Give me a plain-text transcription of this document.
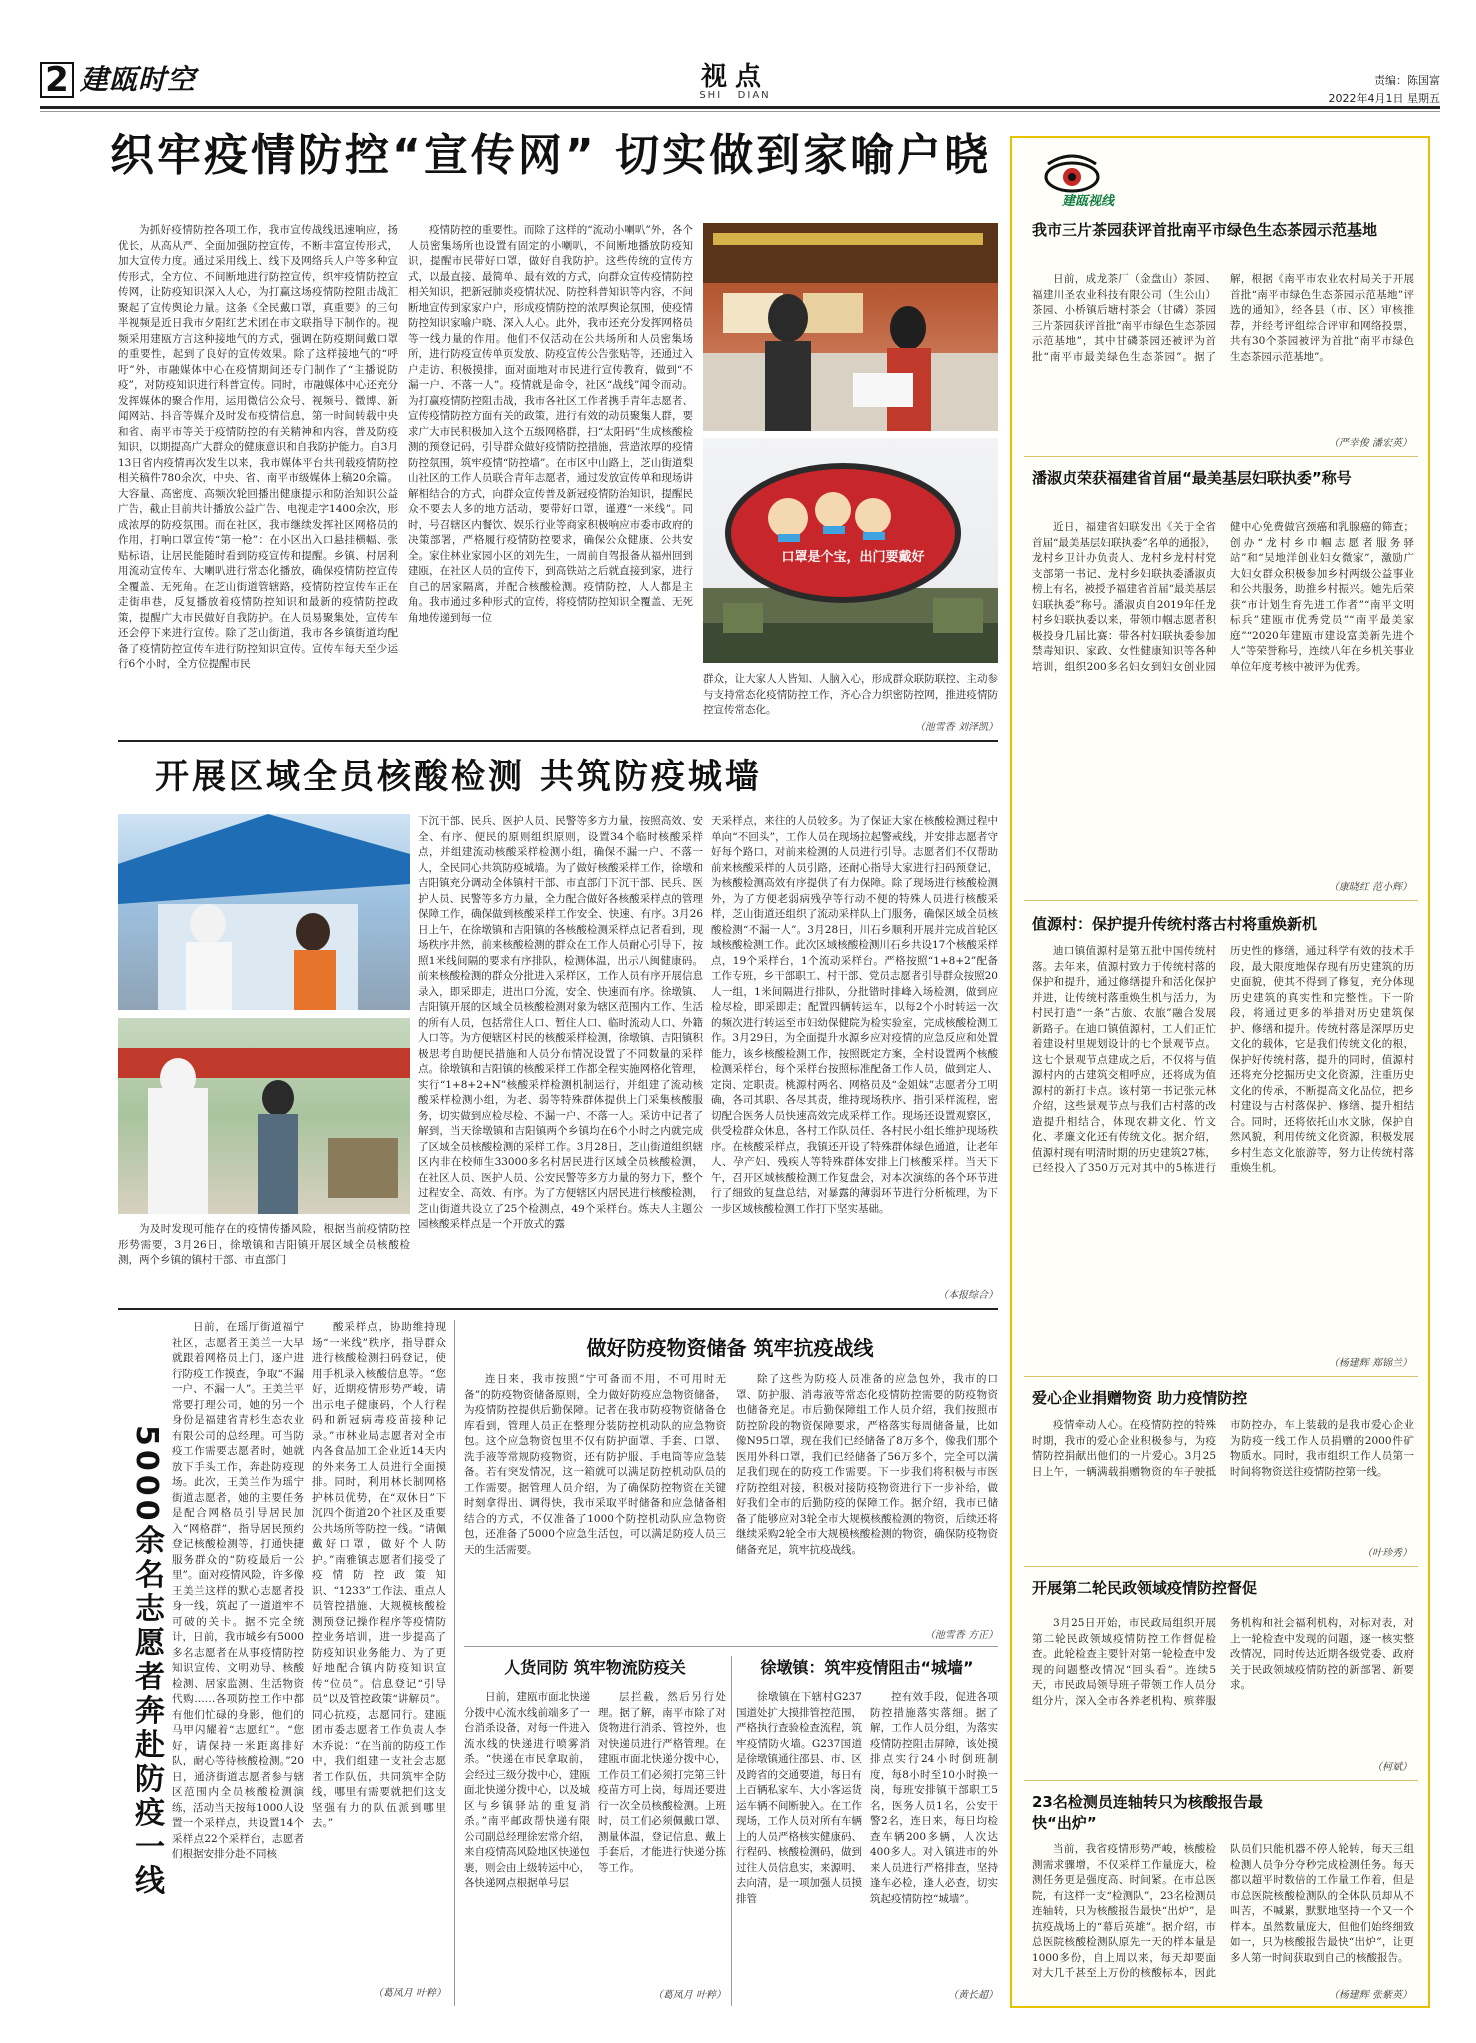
2 建瓯时空	视点
SHI   DIAN
责编：陈国富
2022年4月1日 星期五
织牢疫情防控“宣传网” 切实做到家喻户晓

为抓好疫情防控各项工作，我市宣传战线迅速响应，扬优长，从高从严、全面加强防控宣传，不断丰富宣传形式，加大宣传力度。通过采用线上、线下及网络兵人户等多种宣传形式，全方位、不间断地进行防控宣传，织牢疫情防控宣传网，让防疫知识深入人心，为打赢这场疫情防控阻击战汇聚起了宣传舆论力量。这条《全民戴口罩，真重要》的三句半视频是近日我市夕阳红艺术团在市文联指导下制作的。视频采用建瓯方言这种接地气的方式，强调在防疫期间戴口罩的重要性，起到了良好的宣传效果。除了这样接地气的“呼吁”外，市融媒体中心在疫情期间还专门制作了“主播说防疫”，对防疫知识进行科普宣传。同时，市融媒体中心还充分发挥媒体的聚合作用，运用微信公众号、视频号、微博、新闻网站、抖音等媒介及时发布疫情信息，第一时间转载中央和省、南平市等关于疫情防控的有关精神和内容，普及防疫知识，以期提高广大群众的健康意识和自我防护能力。自3月13日省内疫情再次发生以来，我市媒体平台共刊载疫情防控相关稿件780余次，中央、省、南平市级媒体上稿20余篇。大容量、高密度、高频次轮回播出健康提示和防治知识公益广告，截止目前共计播放公益广告、电视走字1400余次，形成浓厚的防疫氛围。而在社区，我市继续发挥社区网格员的作用，打响口罩宣传“第一枪”：在小区出入口悬挂横幅、张贴标语，让居民能随时看到防疫宣传和提醒。乡镇、村居利用流动宣传车、大喇叭进行常态化播放，确保疫情防控宣传全覆盖、无死角。在芝山街道管辖路，疫情防控宣传车正在走街串巷，反复播放着疫情防控知识和最新的疫情防控政策，提醒广大市民做好自我防护。在人员易聚集处，宣传车还会停下来进行宣传。除了芝山街道，我市各乡镇街道均配备了疫情防控宣传车进行防控知识宣传。宣传车每天至少运行6个小时，全方位提醒市民

疫情防控的重要性。而除了这样的“流动小喇叭”外，各个人员密集场所也设置有固定的小喇叭，不间断地播放防疫知识，提醒市民带好口罩，做好自我防护。这些传统的宣传方式，以最直接、最简单、最有效的方式，向群众宣传疫情防控相关知识，把新冠肺炎疫情状况、防控科普知识等内容，不间断地宣传到家家户户，形成疫情防控的浓厚舆论氛围，使疫情防控知识家喻户晓、深入人心。此外，我市还充分发挥网格员等一线力量的作用。他们不仅活动在公共场所和人员密集场所，进行防疫宣传单页发放、防疫宣传公告张贴等，还通过入户走访、积极摸排，面对面地对市民进行宣传教育，做到“不漏一户、不落一人”。疫情就是命令，社区“战线”闻令而动。为打赢疫情防控阻击战，我市各社区工作者携手青年志愿者、宣传疫情防控方面有关的政策，进行有效的动员聚集人群，要求广大市民积极加入这个五级网格群，扫“太阳码”生成核酸检测的预登记码，引导群众做好疫情防控措施，营造浓厚的疫情防控氛围，筑牢疫情“防控墙”。在市区中山路上，芝山街道梨山社区的工作人员联合青年志愿者，通过发放宣传单和现场讲解相结合的方式，向群众宣传普及新冠疫情防治知识，提醒民众不要去人多的地方活动，要带好口罩，谨遵“一米线”。同时，号召辖区内餐饮、娱乐行业等商家积极响应市委市政府的决策部署，严格履行疫情防控要求，确保公众健康、公共安全。家住林业家园小区的刘先生，一周前自驾报备从福州回到建瓯，在社区人员的宣传下，到高铁站之后就直接到家，进行自己的居家隔离，并配合核酸检测。疫情防控，人人都是主角。我市通过多种形式的宣传，将疫情防控知识全覆盖、无死角地传递到每一位

口罩是个宝，出门要戴好

群众，让大家人人皆知、人脑入心，形成群众联防联控、主动参与支持常态化疫情防控工作，齐心合力织密防控网，推进疫情防控宣传常态化。

（池雪香 刘泽凯）
开展区域全员核酸检测 共筑防疫城墙

为及时发现可能存在的疫情传播风险，根据当前疫情防控形势需要，3月26日，徐墩镇和吉阳镇开展区域全员核酸检测，两个乡镇的镇村干部、市直部门

下沉干部、民兵、医护人员、民警等多方力量，按照高效、安全、有序、便民的原则组织原则，设置34个临时核酸采样点，并组建流动核酸采样检测小组，确保不漏一户、不落一人，全民同心共筑防疫城墙。为了做好核酸采样工作，徐墩和吉阳镇充分调动全体镇村干部、市直部门下沉干部、民兵、医护人员、民警等多方力量，全力配合做好各核酸采样点的管理保障工作，确保做到核酸采样工作安全、快速、有序。3月26日上午，在徐墩镇和吉阳镇的各核酸检测采样点记者看到，现场秩序井然，前来核酸检测的群众在工作人员耐心引导下，按照1米线间隔的要求有序排队，检测体温，出示八闽健康码。前来核酸检测的群众分批进入采样区，工作人员有序开展信息录入，即采即走，进出口分流，安全、快速而有序。徐墩镇、吉阳镇开展的区域全员核酸检测对象为辖区范围内工作、生活的所有人员，包括常住人口、暂住人口、临时流动人口、外籍人口等。为方便辖区村民的核酸采样检测，徐墩镇、吉阳镇积极思考自助便民措施和人员分布情况设置了不同数量的采样点。徐墩镇和吉阳镇的核酸采样工作都全程实施网格化管理，实行“1+8+2+N”核酸采样检测机制运行，并组建了流动核酸采样检测小组，为老、弱等特殊群体提供上门采集核酸服务，切实做到应检尽检、不漏一户、不落一人。采访中记者了解到，当天徐墩镇和吉阳镇两个乡镇均在6个小时之内就完成了区域全员核酸检测的采样工作。3月28日，芝山街道组织辖区内非在校师生33000多名村居民进行区域全员核酸检测，在社区人员、医护人员、公安民警等多方力量的努力下，整个过程安全、高效、有序。为了方便辖区内居民进行核酸检测，芝山街道共设立了25个检测点，49个采样台。炼夫人主题公园核酸采样点是一个开放式的露

天采样点，来往的人员较多。为了保证大家在核酸检测过程中单向“不回头”，工作人员在现场拉起警戒线，并安排志愿者守好每个路口，对前来检测的人员进行引导。志愿者们不仅帮助前来核酸采样的人员引路，还耐心指导大家进行扫码预登记，为核酸检测高效有序提供了有力保障。除了现场进行核酸检测外，为了方便老弱病残孕等行动不便的特殊人员进行核酸采样，芝山街道还组织了流动采样队上门服务，确保区域全员核酸检测“不漏一人”。3月28日，川石乡顺利开展并完成首轮区域核酸检测工作。此次区域核酸检测川石乡共设17个核酸采样点，19个采样台，1个流动采样台。严格按照“1+8+2”配备工作专班，乡干部职工、村干部、党员志愿者引导群众按照20人一组，1米间隔进行排队，分批错时排峰入场检测，做到应检尽检，即采即走；配置四辆转运车，以每2个小时转运一次的频次进行转运至市妇幼保健院为检实验室，完成核酸检测工作。3月29日，为全面提升水源乡应对疫情的应急反应和处置能力，该乡核酸检测工作，按照既定方案，全村设置两个核酸检测采样台，每个采样台按照标准配备工作人员，做到定人、定岗、定职责。桃源村两名、网格员及“金姐妹”志愿者分工明确，各司其职、各尽其责，维持现场秩序、指引采样流程，密切配合医务人员快速高效完成采样工作。现场还设置观察区，供受检群众休息，各村工作队员任、各村民小组长维护现场秩序。在核酸采样点，我镇还开设了特殊群体绿色通道，让老年人、孕产妇、残疾人等特殊群体安排上门核酸采样。当天下午，召开区域核酸检测工作复盘会，对本次演练的各个环节进行了细致的复盘总结，对暴露的薄弱环节进行分析梳理，为下一步区域核酸检测工作打下坚实基础。

（本报综合）
5000余名志愿者奔赴防疫一线

日前，在瑶厅街道福宁社区，志愿者王美兰一大早就跟着网格员上门，逐户进行防疫工作摸查，争取“不漏一户、不漏一人”。王美兰平常要打理公司，她的另一个身份是福建省青杉生态农业有限公司的总经理。可当防疫工作需要志愿者时，她就放下手头工作，奔赴防疫现场。此次，王美兰作为瑶宁街道志愿者，她的主要任务是配合网格员引导居民加入“网格群”，指导居民预约登记核酸检测等，打通快捷服务群众的“防疫最后一公里”。面对疫情风险，许多像王美兰这样的默心志愿者投身一线，筑起了一道道牢不可破的关卡。据不完全统计，日前，我市城乡有5000多名志愿者在从事疫情防控知识宣传、文明劝导、核酸检测、居家监测、生活物资代购……各项防控工作中都有他们忙碌的身影，他们的马甲闪耀着“志愿红”。“您好，请保持一米距离排好队，耐心等待核酸检测。”20日，通济街道志愿者参与辖区范围内全员核酸检测演练，活动当天按每1000人设置一个采样点，共设置14个采样点22个采样台，志愿者们根据安排分赴不同核

酸采样点，协助维持现场“一米线”秩序，指导群众进行核酸检测扫码登记，使用手机录入核酸信息等。“您好，近期疫情形势严峻，请出示电子健康码，个人行程码和新冠病毒疫苗接种记录。”市林业局志愿者对全市内各食品加工企业近14天内的外来务工人员进行全面摸排。同时，利用林长制网格护林员优势，在“双休日”下沉四个街道20个社区及重要公共场所等防控一线。“请佩戴好口罩，做好个人防护。”南雅镇志愿者们接受了疫情防控政策知识、“1233”工作法、重点人员管控措施、大规模核酸检测预登记操作程序等疫情防控业务培训，进一步提高了防疫知识业务能力、为了更好地配合镇内防疫知识宣传“位员”。信息登记“引导员”以及管控政策“讲解员”。同心抗疫，志愿同行。建瓯团市委志愿者工作负责人李木乔说：“在当前的防疫工作中，我们组建一支社会志愿者工作队伍，共同筑牢全防线，哪里有需要就把们这支坚强有力的队伍派到哪里去。”

（葛凤月 叶粹）
做好防疫物资储备 筑牢抗疫战线

连日来，我市按照“宁可备而不用，不可用时无备”的防疫物资储备原则，全力做好防疫应急物资储备，为疫情防控提供后勤保障。记者在我市防疫物资储备仓库看到，管理人员正在整理分装防控机动队的应急物资包。这个应急物资包里不仅有防护面罩、手套、口罩、洗手液等常规防疫物资，还有防护服、手电筒等应急装备。若有突发情况，这一箱就可以满足防控机动队员的工作需要。据管理人员介绍，为了确保防控物资在关键时刻拿得出、调得快，我市采取平时储备和应急储备相结合的方式，不仅准备了1000个防控机动队应急物资包，还准备了5000个应急生活包，可以满足防疫人员三天的生活需要。

除了这些为防疫人员准备的应急包外，我市的口罩、防护服、消毒液等常态化疫情防控需要的防疫物资也储备充足。市后勤保障组工作人员介绍，我们按照市防控阶段的物资保障要求，严格落实每周储备量，比如像N95口罩，现在我们已经储备了8万多个，像我们那个医用外科口罩，我们已经储备了56万多个，完全可以满足我们现在的防疫工作需要。下一步我们将积极与市医疗防控组对接，积极对接防疫物资进行下一步补给，做好我们全市的后勤防疫的保障工作。据介绍，我市已储备了能够应对3轮全市大规模核酸检测的物资，后续还将继续采购2轮全市大规模核酸检测的物资，确保防疫物资储备充足，筑牢抗疫战线。

（池雪香 方正）
人货同防 筑牢物流防疫关

日前，建瓯市面北快递分拨中心流水线前端多了一台消杀设备，对每一件进入流水线的快递进行喷雾消杀。“快递在市民拿取前，会经过三级分拨中心，建瓯面北快递分拨中心，以及城区与乡镇驿站的重复消杀。”南平邮政帮快递有限公司副总经理徐宏常介绍，来自疫情高风险地区快递包裹，则会由上级转运中心，各快递网点根据单号层

层拦截，然后另行处理。据了解，南平市除了对货物进行消杀、管控外，也对快递员进行严格管理。在建瓯市面北快递分拨中心，工作员工们必须打完第三针疫苗方可上岗，每周还要进行一次全员核酸检测。上班时，员工们必须佩戴口罩、测量体温，登记信息、戴上手套后，才能进行快递分拣等工作。

（葛凤月 叶粹）
徐墩镇：筑牢疫情阻击“城墙”

徐墩镇在下辖村G237国道处扩大摸排管控范围，严格执行查验检查流程，筑牢疫情防火墙。G237国道是徐墩镇通往邵县、市、区及跨省的交通要道，每日有上百辆私家车、大小客运货运车辆不间断驶入。在工作现场，工作人员对所有车辆上的人员严格核实健康码、行程码、核酸检测码，做到过往人员信息实，来源明、去向清，是一项加强人员摸排管

控有效手段，促进各项防控措施落实落细。据了解，工作人员分组，为落实疫情防控阻击屏障，该处摸排点实行24小时倒班制度，每8小时至10小时换一岗，每班安排镇干部职工5名，医务人员1名，公安干警2名，连日来，每日均检查车辆200多辆，人次达400多人。对入镇进市的外来人员进行严格排查，坚持逢车必检，逢人必查，切实筑起疫情防控“城墙”。

（黄长超）
建瓯视线
我市三片茶园获评首批南平市绿色生态茶园示范基地

日前，成龙茶厂（金盘山）茶园、福建川圣农业科技有限公司（生公山）茶园、小桥镇后塘村茶会（甘磷）茶园三片茶园获评首批“南平市绿色生态茶园示范基地”，其中甘磷茶园还被评为首批“南平市最美绿色生态茶园”。据了解，根据《南平市农业农村局关于开展首批“南平市绿色生态茶园示范基地”评选的通知》，经各县（市、区）审核推荐，并经考评组综合评审和网络投票，共有30个茶园被评为首批“南平市绿色生态茶园示范基地”。

（严幸俊 潘宏英）
潘淑贞荣获福建省首届“最美基层妇联执委”称号

近日，福建省妇联发出《关于全省首届“最美基层妇联执委”名单的通报》，龙村乡卫计办负责人、龙村乡龙村村党支部第一书记、龙村乡妇联执委潘淑贞榜上有名，被授予福建省首届“最美基层妇联执委”称号。潘淑贞自2019年任龙村乡妇联执委以来，带领巾帼志愿者积极投身几届比赛：带各村妇联执委参加禁毒知识、家政、女性健康知识等各种培训，组织200多名妇女到妇女创业园健中心免费做宫颈癌和乳腺癌的筛查；创办“龙村乡巾帼志愿者服务驿站”和“吴地洋创业妇女微家”，激励广大妇女群众积极参加乡村两级公益事业和公共服务，助推乡村振兴。她先后荣获“市计划生育先进工作者”“南平文明标兵”建瓯市优秀党员”“南平最美家庭”“2020年建瓯市建设富美新先进个人”等荣誉称号，连续八年在乡机关事业单位年度考核中被评为优秀。

（康晓红 范小辉）
值源村：保护提升传统村落古村将重焕新机

迪口镇值源村是第五批中国传统村落。去年来，值源村致力于传统村落的保护和提升，通过修缮提升和活化保护并进，让传统村落重焕生机与活力，为村民打造“一条”古旅、农旅”融合发展新路子。在迪口镇值源村，工人们正忙着建设村里规划设计的七个景观节点。这七个景观节点建成之后，不仅将与值源村内的古建筑交相呼应，还将成为值源村的新打卡点。该村第一书记张元林介绍，这些景观节点与我们古村落的改造提升相结合，体现农耕文化、竹文化、孝廉文化还有传统文化。据介绍，值源村现有明清时期的历史建筑27栋，已经投入了350万元对其中的5栋进行历史性的修缮，通过科学有效的技术手段，最大限度地保存现有历史建筑的历史面貌，使其不得到了修复，充分体现历史建筑的真实性和完整性。下一阶段，将通过更多的举措对历史建筑保护、修缮和提升。传统村落是深厚历史文化的载体，它是我们传统文化的根，保护好传统村落，提升的同时，值源村还将充分挖掘历史文化资源，注重历史文化的传承，不断提高文化品位，把乡村建设与古村落保护、修缮、提升相结合。同时，还将依托山水文脉，保护自然风貌，利用传统文化资源，积极发展乡村生态文化旅游等，努力让传统村落重焕生机。

（杨建辉 郑锦兰）
爱心企业捐赠物资 助力疫情防控

疫情牵动人心。在疫情防控的特殊时期，我市的爱心企业积极参与，为疫情防控捐献出他们的一片爱心。3月25日上午，一辆满载捐赠物资的车子驶抵市防控办，车上装载的是我市爱心企业为防疫一线工作人员捐赠的2000件矿物质水。同时，我市组织工作人员第一时间将物资送往疫情防控第一线。

（叶珍秀）
开展第二轮民政领域疫情防控督促

3月25日开始，市民政局组织开展第二轮民政领域疫情防控工作督促检查。此轮检查主要针对第一轮检查中发现的问题整改情况“回头看”。连续5天，市民政局领导班子带领工作人员分组分片，深入全市各养老机构、殡葬服务机构和社会福利机构，对标对表，对上一轮检查中发现的问题，逐一核实整改情况，同时传达近期各级党委、政府关于民政领域疫情防控的新部署、新要求。

（柯斌）
23名检测员连轴转只为核酸报告最快“出炉”

当前，我省疫情形势严峻，核酸检测需求骤增，不仅采样工作量庞大，检测任务更是强度高、时间紧。在市总医院，有这样一支“检测队”，23名检测员连轴转，只为核酸报告最快“出炉”，是抗疫战场上的“幕后英雄”。据介绍，市总医院核酸检测队原先一天的样本量是1000多份，自上周以来，每天却要面对大几千甚至上万份的核酸标本，因此队员们只能机器不停人轮转，每天三组检测人员争分夺秒完成检测任务。每天都以超平时数倍的工作量工作着，但是市总医院核酸检测队的全体队员却从不叫苦，不喊累，默默地坚持一个又一个样本。虽然数量庞大，但他们始终细致如一，只为核酸报告最快“出炉”，让更多人第一时间获取到自己的核酸报告。

（杨建辉 张紫英）
